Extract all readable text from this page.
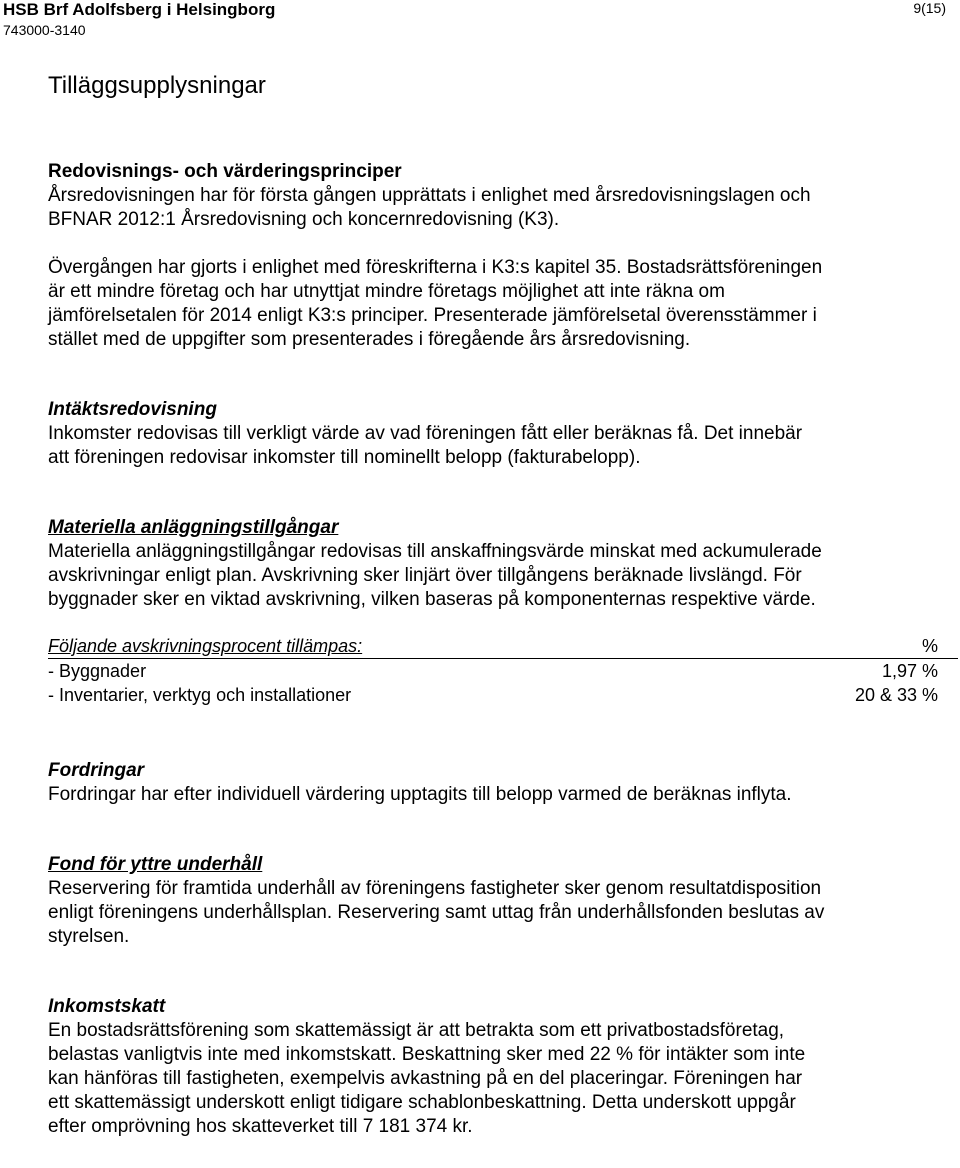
HSB Brf Adolfsberg i Helsingborg
743000-3140
9(15)
Tilläggsupplysningar
Redovisnings- och värderingsprinciper

Årsredovisningen har för första gången upprättats i enlighet med årsredovisningslagen och

BFNAR 2012:1 Årsredovisning och koncernredovisning (K3).

Övergången har gjorts i enlighet med föreskrifterna i K3:s kapitel 35. Bostadsrättsföreningen

är ett mindre företag och har utnyttjat mindre företags möjlighet att inte räkna om

jämförelsetalen för 2014 enligt K3:s principer. Presenterade jämförelsetal överensstämmer i

stället med de uppgifter som presenterades i föregående års årsredovisning.

Intäktsredovisning

Inkomster redovisas till verkligt värde av vad föreningen fått eller beräknas få. Det innebär

att föreningen redovisar inkomster till nominellt belopp (fakturabelopp).

Materiella anläggningstillgångar

Materiella anläggningstillgångar redovisas till anskaffningsvärde minskat med ackumulerade

avskrivningar enligt plan. Avskrivning sker linjärt över tillgångens beräknade livslängd. För

byggnader sker en viktad avskrivning, vilken baseras på komponenternas respektive värde.

Följande avskrivningsprocent tillämpas:	%
- Byggnader	1,97 %
- Inventarier, verktyg och installationer	20 & 33 %
Fordringar

Fordringar har efter individuell värdering upptagits till belopp varmed de beräknas inflyta.

Fond för yttre underhåll

Reservering för framtida underhåll av föreningens fastigheter sker genom resultatdisposition

enligt föreningens underhållsplan. Reservering samt uttag från underhållsfonden beslutas av

styrelsen.

Inkomstskatt

En bostadsrättsförening som skattemässigt är att betrakta som ett privatbostadsföretag,

belastas vanligtvis inte med inkomstskatt. Beskattning sker med 22 % för intäkter som inte

kan hänföras till fastigheten, exempelvis avkastning på en del placeringar. Föreningen har

ett skattemässigt underskott enligt tidigare schablonbeskattning. Detta underskott uppgår

efter omprövning hos skatteverket till 7 181 374 kr.
